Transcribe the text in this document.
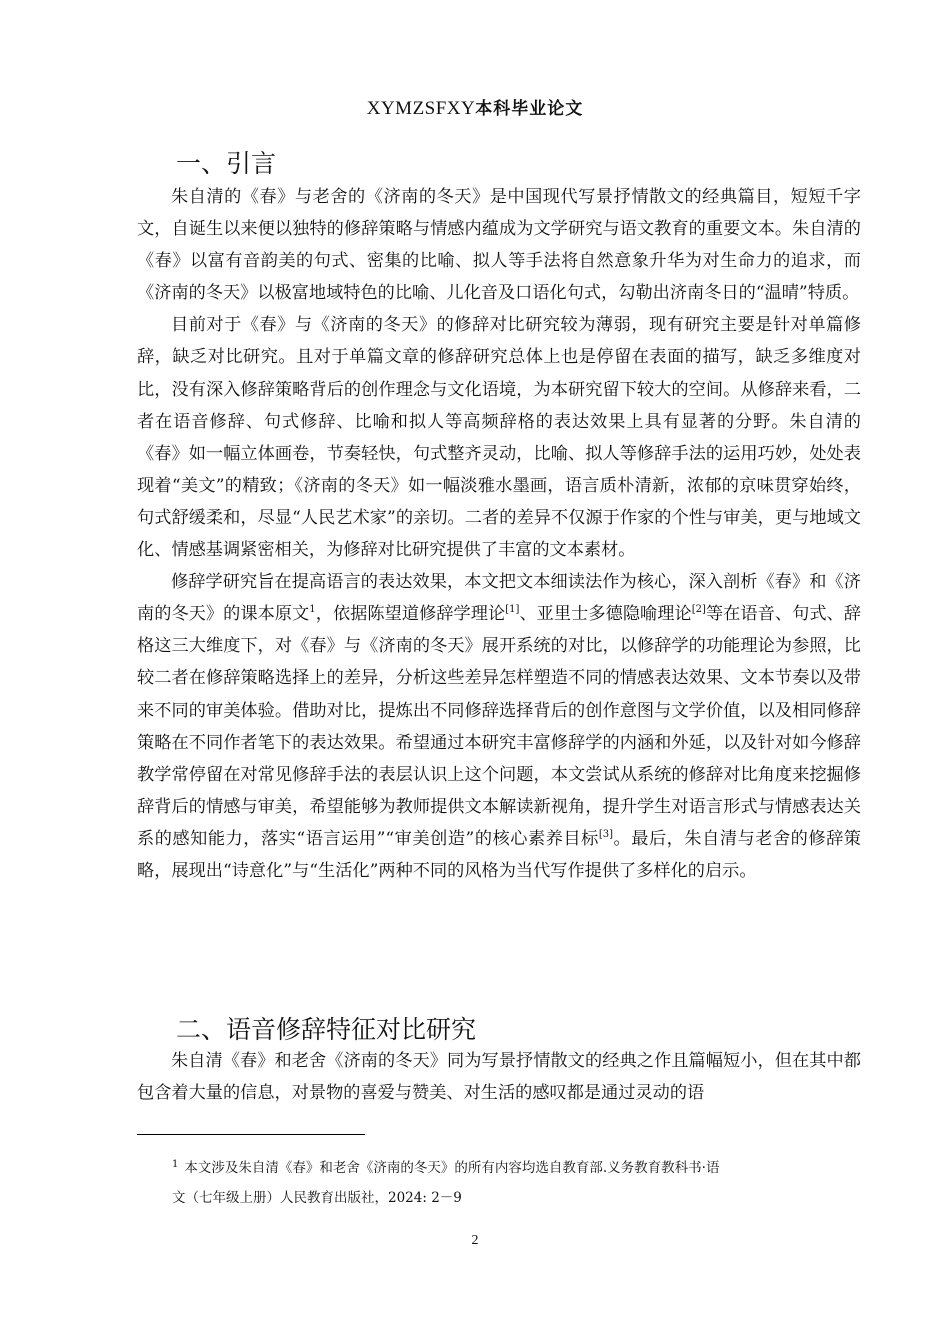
XYMZSFXY本科毕业论文
一、引言

朱自清的《春》与老舍的《济南的冬天》是中国现代写景抒情散文的经典篇目，短短千字文，自诞生以来便以独特的修辞策略与情感内蕴成为文学研究与语文教育的重要文本。朱自清的《春》以富有音韵美的句式、密集的比喻、拟人等手法将自然意象升华为对生命力的追求，而《济南的冬天》以极富地域特色的比喻、儿化音及口语化句式，勾勒出济南冬日的“温晴”特质。

目前对于《春》与《济南的冬天》的修辞对比研究较为薄弱，现有研究主要是针对单篇修辞，缺乏对比研究。且对于单篇文章的修辞研究总体上也是停留在表面的描写，缺乏多维度对比，没有深入修辞策略背后的创作理念与文化语境，为本研究留下较大的空间。从修辞来看，二者在语音修辞、句式修辞、比喻和拟人等高频辞格的表达效果上具有显著的分野。朱自清的《春》如一幅立体画卷，节奏轻快，句式整齐灵动，比喻、拟人等修辞手法的运用巧妙，处处表现着“美文”的精致；《济南的冬天》如一幅淡雅水墨画，语言质朴清新，浓郁的京味贯穿始终，句式舒缓柔和，尽显“人民艺术家”的亲切。二者的差异不仅源于作家的个性与审美，更与地域文化、情感基调紧密相关，为修辞对比研究提供了丰富的文本素材。

修辞学研究旨在提高语言的表达效果，本文把文本细读法作为核心，深入剖析《春》和《济南的冬天》的课本原文$^1$，依据陈望道修辞学理论[1]、亚里士多德隐喻理论[2]等在语音、句式、辞格这三大维度下，对《春》与《济南的冬天》展开系统的对比，以修辞学的功能理论为参照，比较二者在修辞策略选择上的差异，分析这些差异怎样塑造不同的情感表达效果、文本节奏以及带来不同的审美体验。借助对比，提炼出不同修辞选择背后的创作意图与文学价值，以及相同修辞策略在不同作者笔下的表达效果。希望通过本研究丰富修辞学的内涵和外延，以及针对如今修辞教学常停留在对常见修辞手法的表层认识上这个问题，本文尝试从系统的修辞对比角度来挖掘修辞背后的情感与审美，希望能够为教师提供文本解读新视角，提升学生对语言形式与情感表达关系的感知能力，落实“语言运用”“审美创造”的核心素养目标[3]。最后，朱自清与老舍的修辞策略，展现出“诗意化”与“生活化”两种不同的风格为当代写作提供了多样化的启示。

二、语音修辞特征对比研究

朱自清《春》和老舍《济南的冬天》同为写景抒情散文的经典之作且篇幅短小，但在其中都包含着大量的信息，对景物的喜爱与赞美、对生活的感叹都是通过灵动的语

$^1$ 本文涉及朱自清《春》和老舍《济南的冬天》的所有内容均选自教育部.义务教育教科书·语
文（七年级上册）人民教育出版社，2024: 2－9
2
